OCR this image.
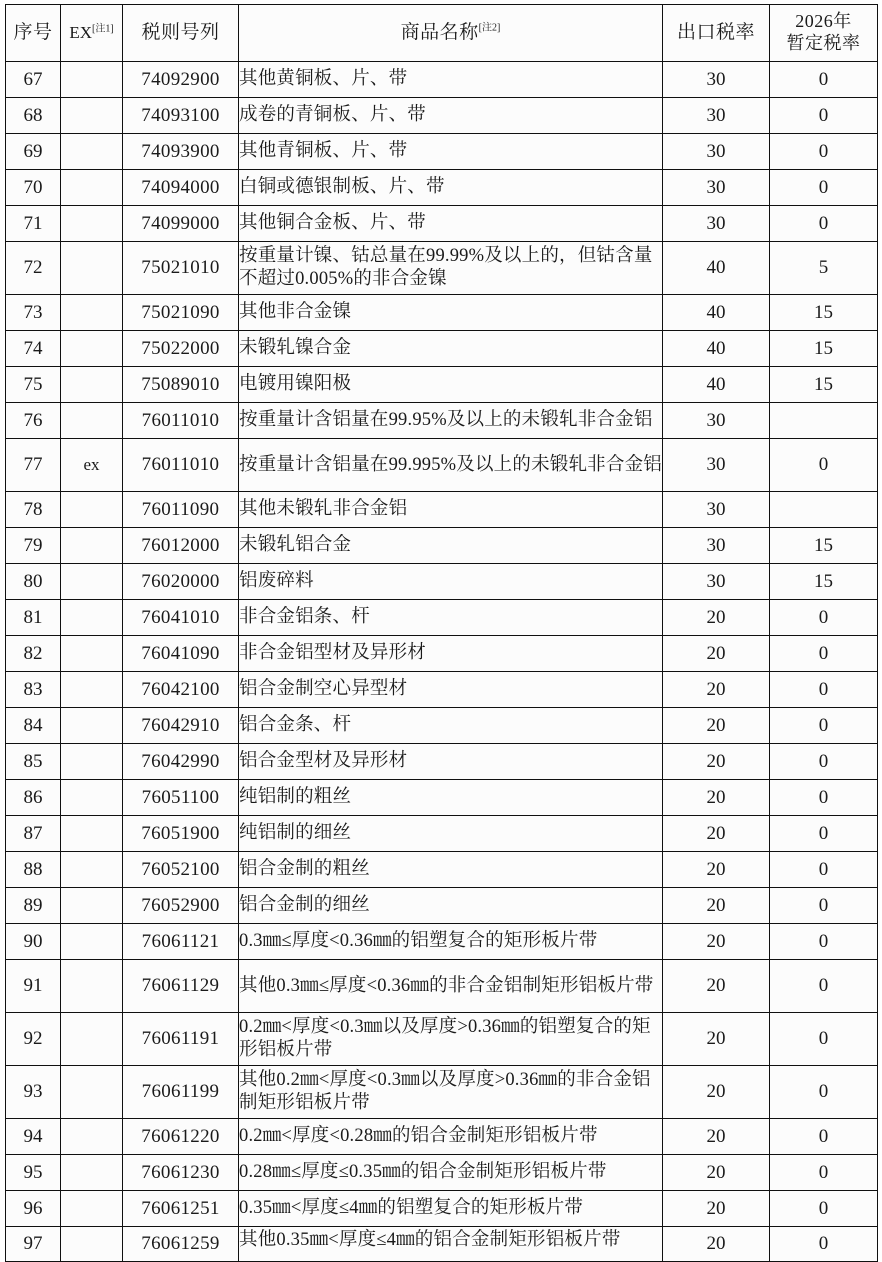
序号	EX[注1]	税则号列	商品名称[注2]	出口税率	2026年
暂定税率

67		74092900	其他黄铜板、片、带	30	0
68		74093100	成卷的青铜板、片、带	30	0
69		74093900	其他青铜板、片、带	30	0
70		74094000	白铜或德银制板、片、带	30	0
71		74099000	其他铜合金板、片、带	30	0
72		75021010	按重量计镍、钴总量在99.99%及以上的，但钴含量不超过0.005%的非合金镍	40	5
73		75021090	其他非合金镍	40	15
74		75022000	未锻轧镍合金	40	15
75		75089010	电镀用镍阳极	40	15
76		76011010	按重量计含铝量在99.95%及以上的未锻轧非合金铝	30	
77	ex	76011010	按重量计含铝量在99.995%及以上的未锻轧非合金铝	30	0
78		76011090	其他未锻轧非合金铝	30	
79		76012000	未锻轧铝合金	30	15
80		76020000	铝废碎料	30	15
81		76041010	非合金铝条、杆	20	0
82		76041090	非合金铝型材及异形材	20	0
83		76042100	铝合金制空心异型材	20	0
84		76042910	铝合金条、杆	20	0
85		76042990	铝合金型材及异形材	20	0
86		76051100	纯铝制的粗丝	20	0
87		76051900	纯铝制的细丝	20	0
88		76052100	铝合金制的粗丝	20	0
89		76052900	铝合金制的细丝	20	0
90		76061121	0.3㎜≤厚度<0.36㎜的铝塑复合的矩形板片带	20	0
91		76061129	其他0.3㎜≤厚度<0.36㎜的非合金铝制矩形铝板片带	20	0
92		76061191	0.2㎜<厚度<0.3㎜以及厚度>0.36㎜的铝塑复合的矩形铝板片带	20	0
93		76061199	其他0.2㎜<厚度<0.3㎜以及厚度>0.36㎜的非合金铝制矩形铝板片带	20	0
94		76061220	0.2㎜<厚度<0.28㎜的铝合金制矩形铝板片带	20	0
95		76061230	0.28㎜≤厚度≤0.35㎜的铝合金制矩形铝板片带	20	0
96		76061251	0.35㎜<厚度≤4㎜的铝塑复合的矩形板片带	20	0
97		76061259	其他0.35㎜<厚度≤4㎜的铝合金制矩形铝板片带	20	0
